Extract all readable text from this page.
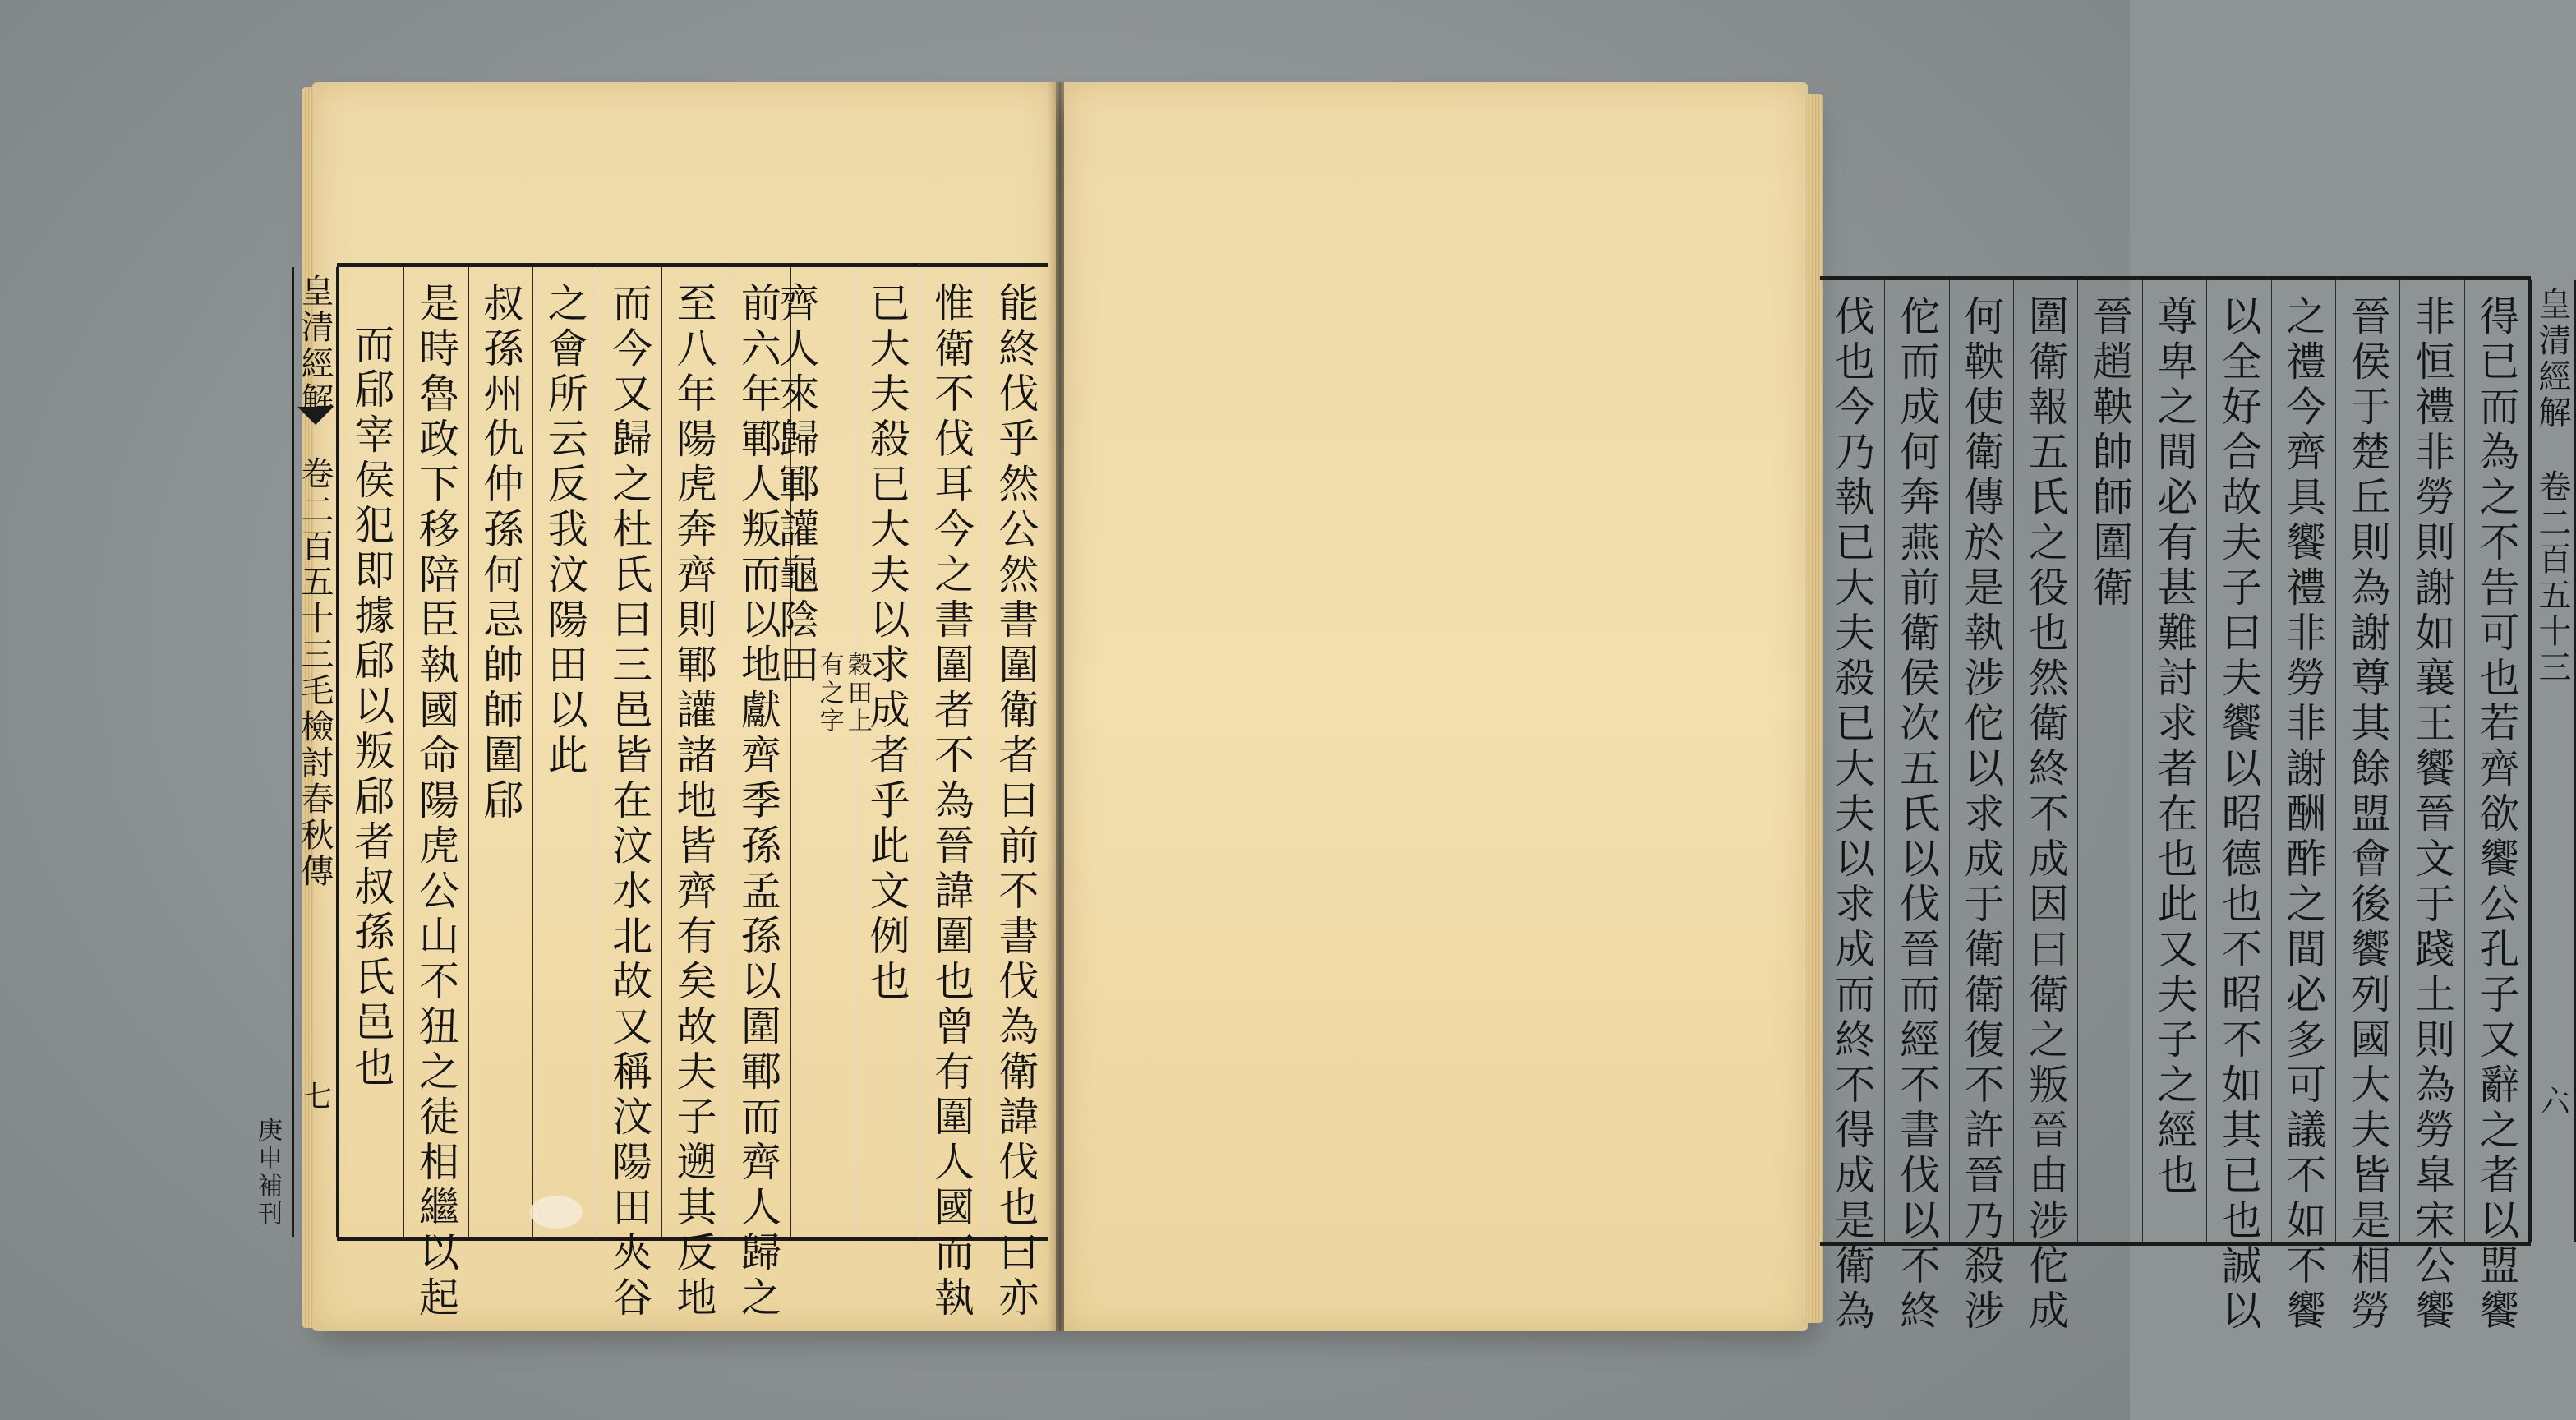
皇清經解
卷二百五十三毛檢討春秋傳
七
庚申補刊	能終伐乎然公然書圍衛者曰前不書伐為衛諱伐也曰亦
惟衛不伐耳今之書圍者不為晉諱圍也曾有圍人國而執
已大夫殺已大夫以求成者乎此文例也
齊人來歸鄆讙龜陰田
穀田上
有之字
前六年鄆人叛而以地獻齊季孫孟孫以圍鄆而齊人歸之
至八年陽虎奔齊則鄆讙諸地皆齊有矣故夫子遡其反地
而今又歸之杜氏曰三邑皆在汶水北故又稱汶陽田夾谷
之會所云反我汶陽田以此
叔孫州仇仲孫何忌帥師圍郈
是時魯政下移陪臣執國命陽虎公山不狃之徒相繼以起
而郈宰侯犯即據郈以叛郈者叔孫氏邑也	皇清經解
卷二百五十三
六
得已而為之不告可也若齊欲饗公孔子又辭之者以盟饗
非恒禮非勞則謝如襄王饗晉文于踐土則為勞皐宋公饗
晉侯于楚丘則為謝尊其餘盟會後饗列國大夫皆是相勞
之禮今齊具饗禮非勞非謝酬酢之間必多可議不如不饗
以全好合故夫子曰夫饗以昭德也不昭不如其已也誠以
尊卑之間必有甚難討求者在也此又夫子之經也
晉趙鞅帥師圍衛
圍衛報五氏之役也然衛終不成因曰衛之叛晉由涉佗成
何鞅使衛傳於是執涉佗以求成于衛衛復不許晉乃殺涉
佗而成何奔燕前衛侯次五氏以伐晉而經不書伐以不終
伐也今乃執已大夫殺已大夫以求成而終不得成是衛為
